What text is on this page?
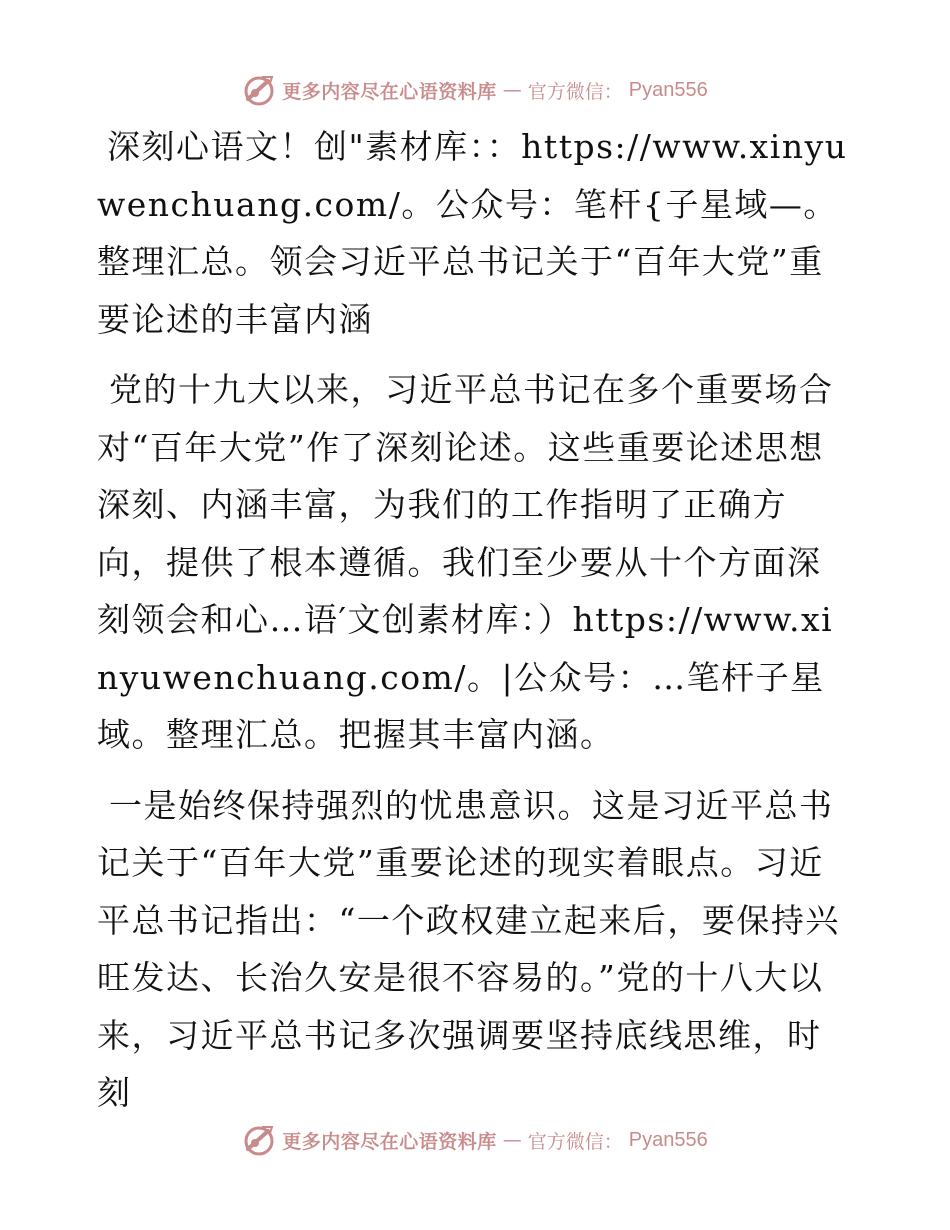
更多内容尽在心语资料库 — 官方微信： Pyan556

深刻心语文！创"素材库：：https://www.xinyuwenchuang.com/。公众号：笔杆{子星域—。整理汇总。领会习近平总书记关于“百年大党”重要论述的丰富内涵

党的十九大以来，习近平总书记在多个重要场合对“百年大党”作了深刻论述。这些重要论述思想深刻、内涵丰富，为我们的工作指明了正确方向，提供了根本遵循。我们至少要从十个方面深刻领会和心…语′文创素材库：）https://www.xinyuwenchuang.com/。|公众号：…笔杆子星域。整理汇总。把握其丰富内涵。

一是始终保持强烈的忧患意识。这是习近平总书记关于“百年大党”重要论述的现实着眼点。习近平总书记指出：“一个政权建立起来后，要保持兴旺发达、长治久安是很不容易的。”党的十八大以来，习近平总书记多次强调要坚持底线思维，时刻

更多内容尽在心语资料库 — 官方微信： Pyan556
